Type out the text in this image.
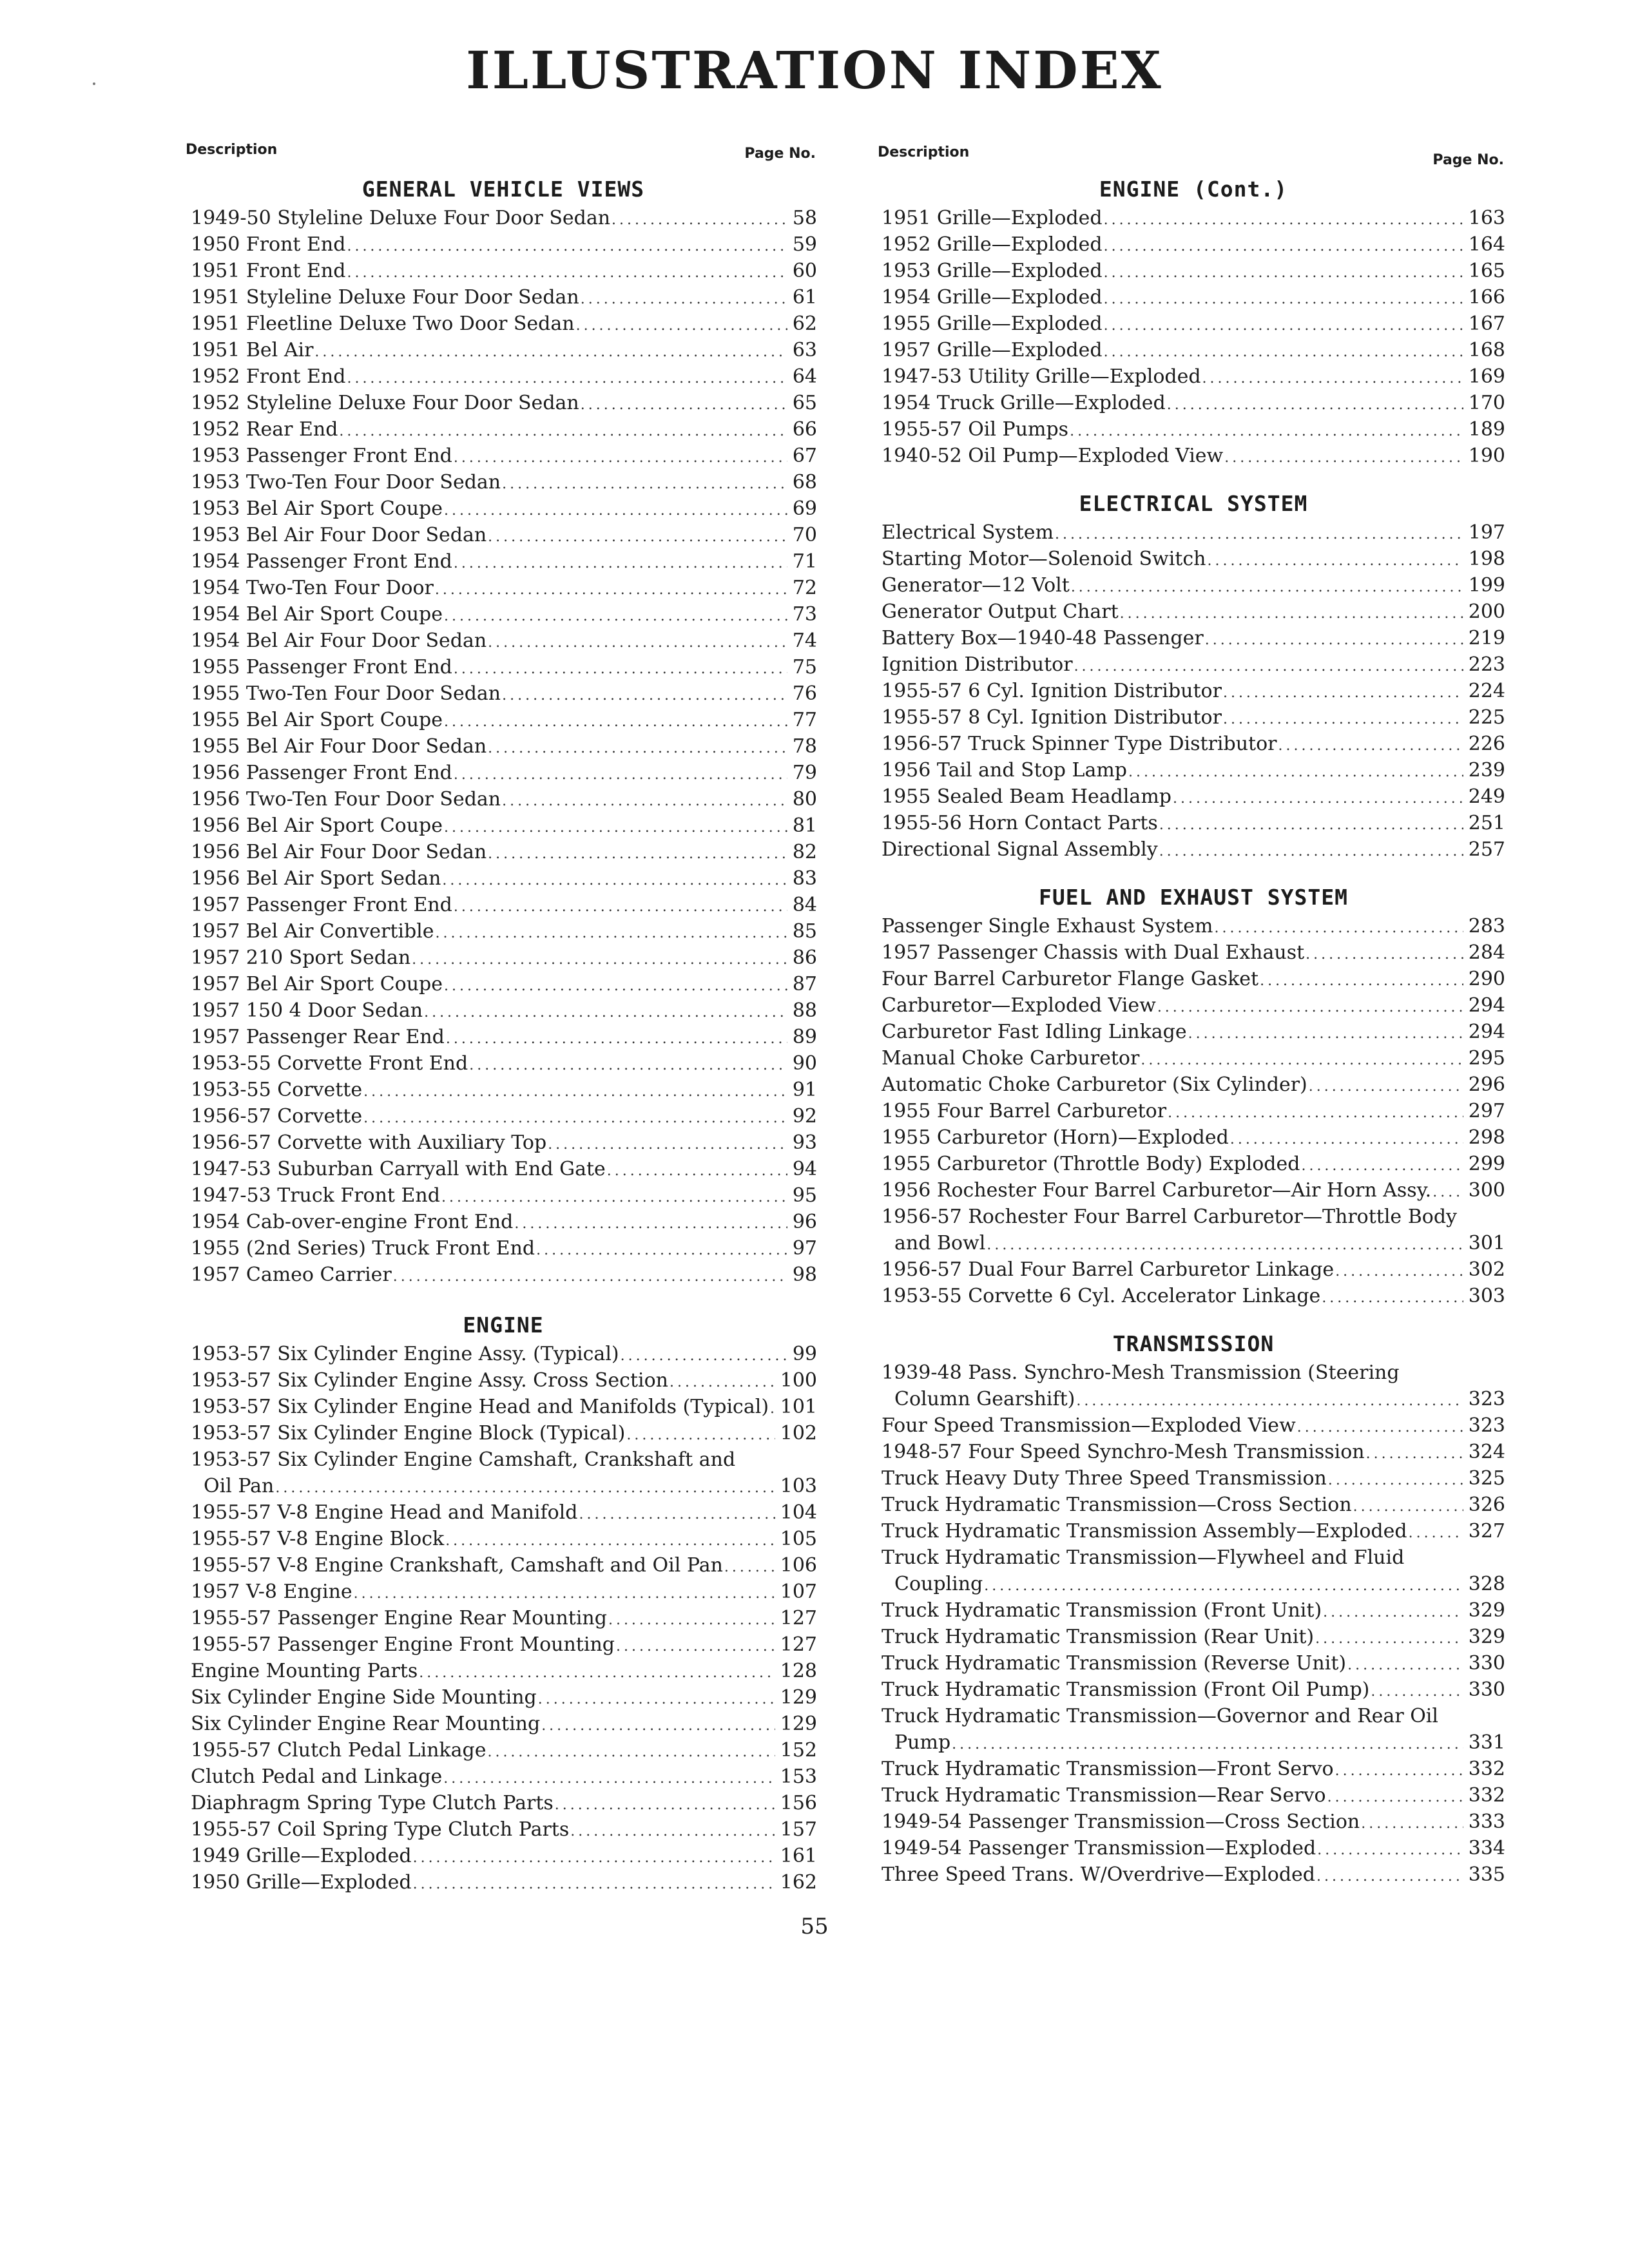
ILLUSTRATION INDEX
Description	Page No.
GENERAL VEHICLE VIEWS
1949-50 Styleline Deluxe Four Door Sedan .....	58
1950 Front End .....	59
1951 Front End .....	60
1951 Styleline Deluxe Four Door Sedan .....	61
1951 Fleetline Deluxe Two Door Sedan .....	62
1951 Bel Air .....	63
1952 Front End .....	64
1952 Styleline Deluxe Four Door Sedan .....	65
1952 Rear End .....	66
1953 Passenger Front End .....	67
1953 Two-Ten Four Door Sedan .....	68
1953 Bel Air Sport Coupe .....	69
1953 Bel Air Four Door Sedan .....	70
1954 Passenger Front End .....	71
1954 Two-Ten Four Door .....	72
1954 Bel Air Sport Coupe .....	73
1954 Bel Air Four Door Sedan .....	74
1955 Passenger Front End .....	75
1955 Two-Ten Four Door Sedan .....	76
1955 Bel Air Sport Coupe .....	77
1955 Bel Air Four Door Sedan .....	78
1956 Passenger Front End .....	79
1956 Two-Ten Four Door Sedan .....	80
1956 Bel Air Sport Coupe .....	81
1956 Bel Air Four Door Sedan .....	82
1956 Bel Air Sport Sedan .....	83
1957 Passenger Front End .....	84
1957 Bel Air Convertible .....	85
1957 210 Sport Sedan .....	86
1957 Bel Air Sport Coupe .....	87
1957 150 4 Door Sedan .....	88
1957 Passenger Rear End .....	89
1953-55 Corvette Front End .....	90
1953-55 Corvette .....	91
1956-57 Corvette .....	92
1956-57 Corvette with Auxiliary Top .....	93
1947-53 Suburban Carryall with End Gate .....	94
1947-53 Truck Front End .....	95
1954 Cab-over-engine Front End .....	96
1955 (2nd Series) Truck Front End .....	97
1957 Cameo Carrier .....	98
ENGINE
1953-57 Six Cylinder Engine Assy. (Typical) .....	99
1953-57 Six Cylinder Engine Assy. Cross Section .....	100
1953-57 Six Cylinder Engine Head and Manifolds (Typical) ..... 101
1953-57 Six Cylinder Engine Block (Typical) .....	102
1953-57 Six Cylinder Engine Camshaft, Crankshaft and
Oil Pan .....	103
1955-57 V-8 Engine Head and Manifold .....	104
1955-57 V-8 Engine Block .....	105
1955-57 V-8 Engine Crankshaft, Camshaft and Oil Pan .....	106
1957 V-8 Engine .....	107
1955-57 Passenger Engine Rear Mounting .....	127
1955-57 Passenger Engine Front Mounting .....	127
Engine Mounting Parts .....	128
Six Cylinder Engine Side Mounting .....	129
Six Cylinder Engine Rear Mounting .....	129
1955-57 Clutch Pedal Linkage .....	152
Clutch Pedal and Linkage .....	153
Diaphragm Spring Type Clutch Parts .....	156
1955-57 Coil Spring Type Clutch Parts .....	157
1949 Grille—Exploded .....	161
1950 Grille—Exploded .....	162
Description	Page No.
ENGINE (Cont.)
1951 Grille—Exploded .....	163
1952 Grille—Exploded .....	164
1953 Grille—Exploded .....	165
1954 Grille—Exploded .....	166
1955 Grille—Exploded .....	167
1957 Grille—Exploded .....	168
1947-53 Utility Grille—Exploded .....	169
1954 Truck Grille—Exploded .....	170
1955-57 Oil Pumps .....	189
1940-52 Oil Pump—Exploded View .....	190
ELECTRICAL SYSTEM
Electrical System .....	197
Starting Motor—Solenoid Switch .....	198
Generator—12 Volt .....	199
Generator Output Chart .....	200
Battery Box—1940-48 Passenger .....	219
Ignition Distributor .....	223
1955-57 6 Cyl. Ignition Distributor .....	224
1955-57 8 Cyl. Ignition Distributor .....	225
1956-57 Truck Spinner Type Distributor .....	226
1956 Tail and Stop Lamp .....	239
1955 Sealed Beam Headlamp .....	249
1955-56 Horn Contact Parts .....	251
Directional Signal Assembly .....	257
FUEL AND EXHAUST SYSTEM
Passenger Single Exhaust System .....	283
1957 Passenger Chassis with Dual Exhaust .....	284
Four Barrel Carburetor Flange Gasket .....	290
Carburetor—Exploded View .....	294
Carburetor Fast Idling Linkage .....	294
Manual Choke Carburetor .....	295
Automatic Choke Carburetor (Six Cylinder) .....	296
1955 Four Barrel Carburetor .....	297
1955 Carburetor (Horn)—Exploded .....	298
1955 Carburetor (Throttle Body) Exploded .....	299
1956 Rochester Four Barrel Carburetor—Air Horn Assy. ..... 300
1956-57 Rochester Four Barrel Carburetor—Throttle Body
and Bowl .....	301
1956-57 Dual Four Barrel Carburetor Linkage .....	302
1953-55 Corvette 6 Cyl. Accelerator Linkage .....	303
TRANSMISSION
1939-48 Pass. Synchro-Mesh Transmission (Steering
Column Gearshift) .....	323
Four Speed Transmission—Exploded View .....	323
1948-57 Four Speed Synchro-Mesh Transmission .....	324
Truck Heavy Duty Three Speed Transmission .....	325
Truck Hydramatic Transmission—Cross Section .....	326
Truck Hydramatic Transmission Assembly—Exploded .....	327
Truck Hydramatic Transmission—Flywheel and Fluid
Coupling .....	328
Truck Hydramatic Transmission (Front Unit) .....	329
Truck Hydramatic Transmission (Rear Unit) .....	329
Truck Hydramatic Transmission (Reverse Unit) .....	330
Truck Hydramatic Transmission (Front Oil Pump) .....	330
Truck Hydramatic Transmission—Governor and Rear Oil
Pump .....	331
Truck Hydramatic Transmission—Front Servo .....	332
Truck Hydramatic Transmission—Rear Servo .....	332
1949-54 Passenger Transmission—Cross Section .....	333
1949-54 Passenger Transmission—Exploded .....	334
Three Speed Trans. W/Overdrive—Exploded .....	335
55
